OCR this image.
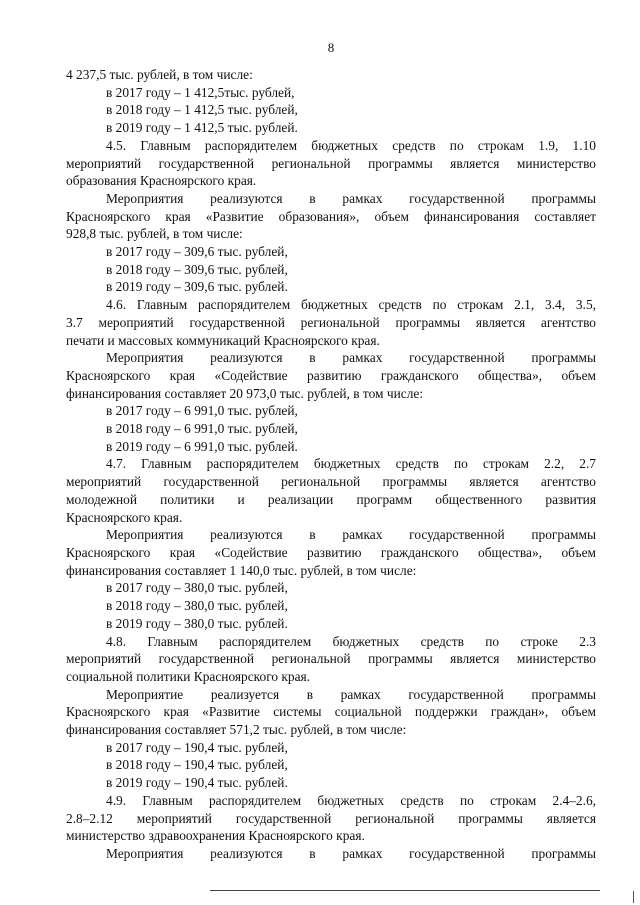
8
4 237,5 тыс. рублей, в том числе:
в 2017 году – 1 412,5тыс. рублей,
в 2018 году – 1 412,5 тыс. рублей,
в 2019 году – 1 412,5 тыс. рублей.
4.5. Главным распорядителем бюджетных средств по строкам 1.9, 1.10
мероприятий государственной региональной программы является министерство
образования Красноярского края.
Мероприятия реализуются в рамках государственной программы
Красноярского края «Развитие образования», объем финансирования составляет
928,8 тыс. рублей, в том числе:
в 2017 году – 309,6 тыс. рублей,
в 2018 году – 309,6 тыс. рублей,
в 2019 году – 309,6 тыс. рублей.
4.6. Главным распорядителем бюджетных средств по строкам 2.1, 3.4, 3.5,
3.7 мероприятий государственной региональной программы является агентство
печати и массовых коммуникаций Красноярского края.
Мероприятия реализуются в рамках государственной программы
Красноярского края «Содействие развитию гражданского общества», объем
финансирования составляет 20 973,0 тыс. рублей, в том числе:
в 2017 году – 6 991,0 тыс. рублей,
в 2018 году – 6 991,0 тыс. рублей,
в 2019 году – 6 991,0 тыс. рублей.
4.7. Главным распорядителем бюджетных средств по строкам 2.2, 2.7
мероприятий государственной региональной программы является агентство
молодежной политики и реализации программ общественного развития
Красноярского края.
Мероприятия реализуются в рамках государственной программы
Красноярского края «Содействие развитию гражданского общества», объем
финансирования составляет 1 140,0 тыс. рублей, в том числе:
в 2017 году – 380,0 тыс. рублей,
в 2018 году – 380,0 тыс. рублей,
в 2019 году – 380,0 тыс. рублей.
4.8. Главным распорядителем бюджетных средств по строке 2.3
мероприятий государственной региональной программы является министерство
социальной политики Красноярского края.
Мероприятие реализуется в рамках государственной программы
Красноярского края «Развитие системы социальной поддержки граждан», объем
финансирования составляет 571,2 тыс. рублей, в том числе:
в 2017 году – 190,4 тыс. рублей,
в 2018 году – 190,4 тыс. рублей,
в 2019 году – 190,4 тыс. рублей.
4.9. Главным распорядителем бюджетных средств по строкам 2.4–2.6,
2.8–2.12 мероприятий государственной региональной программы является
министерство здравоохранения Красноярского края.
Мероприятия реализуются в рамках государственной программы
